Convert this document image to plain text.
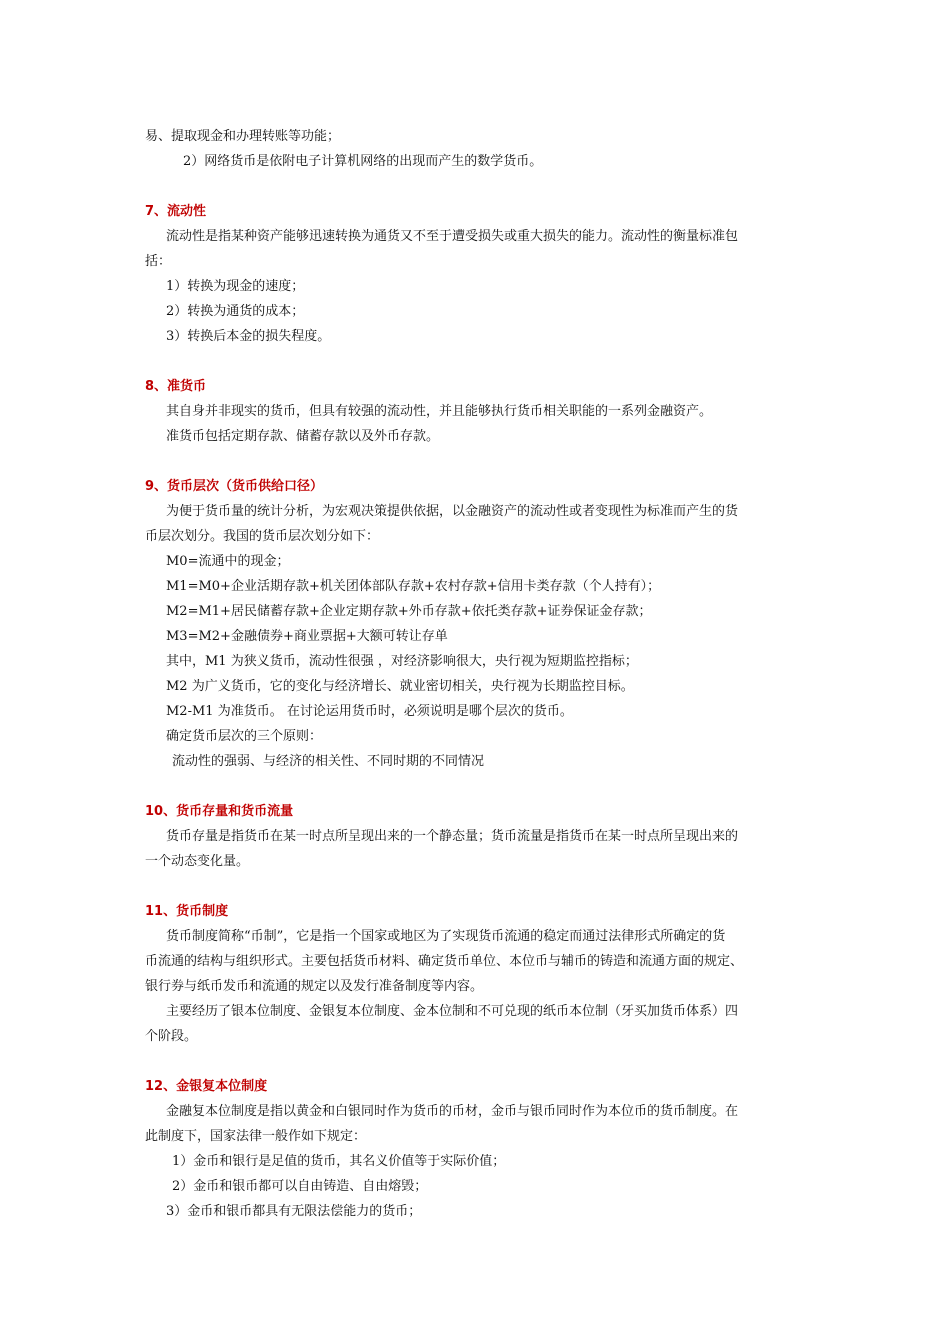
易、提取现金和办理转账等功能；
2）网络货币是依附电子计算机网络的出现而产生的数学货币。
7、流动性
流动性是指某种资产能够迅速转换为通货又不至于遭受损失或重大损失的能力。流动性的衡量标准包
括：
1）转换为现金的速度；
2）转换为通货的成本；
3）转换后本金的损失程度。
8、准货币
其自身并非现实的货币，但具有较强的流动性，并且能够执行货币相关职能的一系列金融资产。
准货币包括定期存款、储蓄存款以及外币存款。
9、货币层次（货币供给口径）
为便于货币量的统计分析，为宏观决策提供依据，以金融资产的流动性或者变现性为标准而产生的货
币层次划分。我国的货币层次划分如下：
M0=流通中的现金；
M1=M0+企业活期存款+机关团体部队存款+农村存款+信用卡类存款（个人持有）；
M2=M1+居民储蓄存款+企业定期存款+外币存款+依托类存款+证券保证金存款；
M3=M2+金融债券+商业票据+大额可转让存单
其中，M1 为狭义货币，流动性很强 ，对经济影响很大，央行视为短期监控指标；
M2 为广义货币，它的变化与经济增长、就业密切相关，央行视为长期监控目标。
M2-M1 为准货币。 在讨论运用货币时，必须说明是哪个层次的货币。
确定货币层次的三个原则：
流动性的强弱、与经济的相关性、不同时期的不同情况
10、货币存量和货币流量
货币存量是指货币在某一时点所呈现出来的一个静态量；货币流量是指货币在某一时点所呈现出来的
一个动态变化量。
11、货币制度
货币制度简称“币制”，它是指一个国家或地区为了实现货币流通的稳定而通过法律形式所确定的货
币流通的结构与组织形式。主要包括货币材料、确定货币单位、本位币与辅币的铸造和流通方面的规定、
银行券与纸币发币和流通的规定以及发行准备制度等内容。
主要经历了银本位制度、金银复本位制度、金本位制和不可兑现的纸币本位制（牙买加货币体系）四
个阶段。
12、金银复本位制度
金融复本位制度是指以黄金和白银同时作为货币的币材，金币与银币同时作为本位币的货币制度。在
此制度下，国家法律一般作如下规定：
1）金币和银行是足值的货币，其名义价值等于实际价值；
2）金币和银币都可以自由铸造、自由熔毁；
3）金币和银币都具有无限法偿能力的货币；
